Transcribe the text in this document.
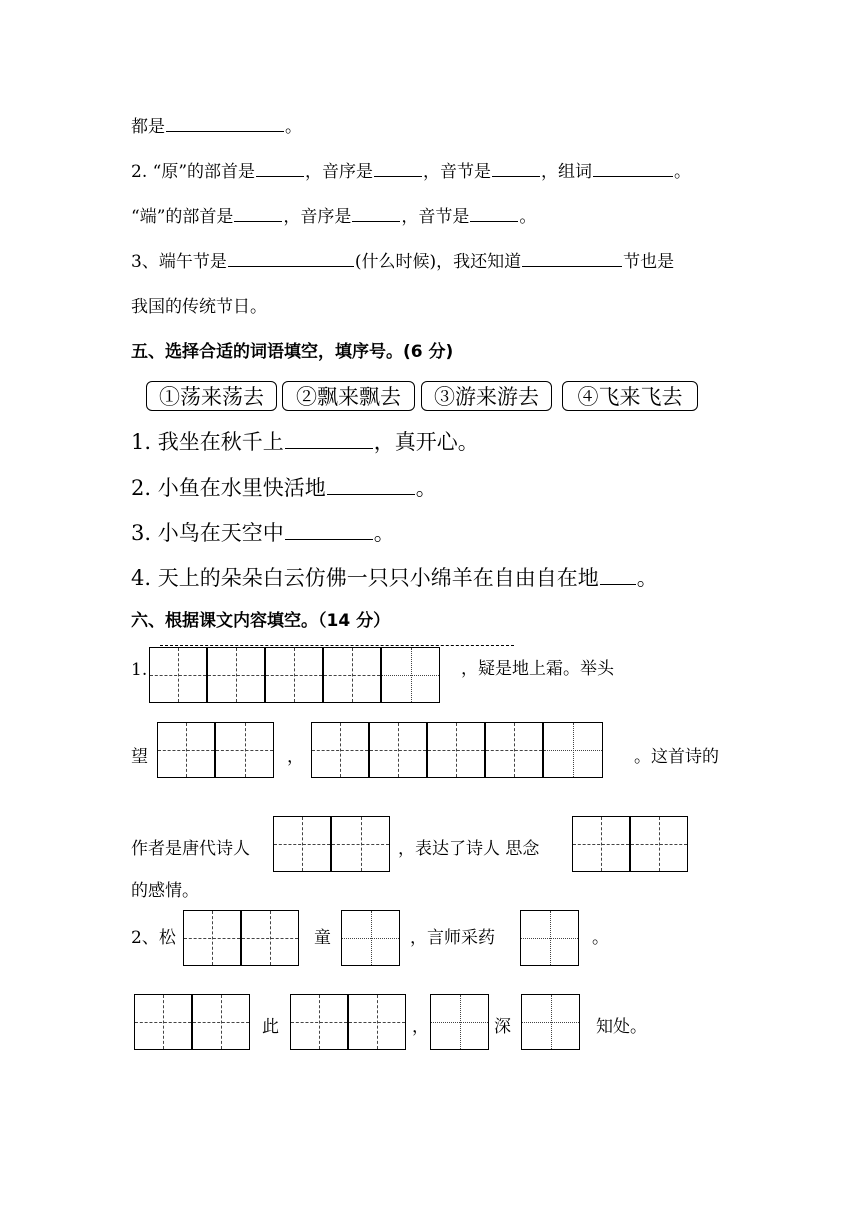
都是	。
2. “原”的部首是	，音序是	，音节是	，组词	。
“端”的部首是	，音序是	，音节是	。
3、端午节是	(什么时候)，我还知道	节也是
我国的传统节日。
五、选择合适的词语填空，填序号。(6 分)
①荡来荡去	②飘来飘去	③游来游去	④飞来飞去
1. 我坐在秋千上	，真开心。
2. 小鱼在水里快活地	。
3. 小鸟在天空中	。
4. 天上的朵朵白云仿佛一只只小绵羊在自由自在地 。
六、根据课文内容填空。（14 分）
1.	，疑是地上霜。举头
望	，	。这首诗的
作者是唐代诗人	，表达了诗人 思念
的感情。
2、松	童	，言师采药	。
此	，	深	知处。
